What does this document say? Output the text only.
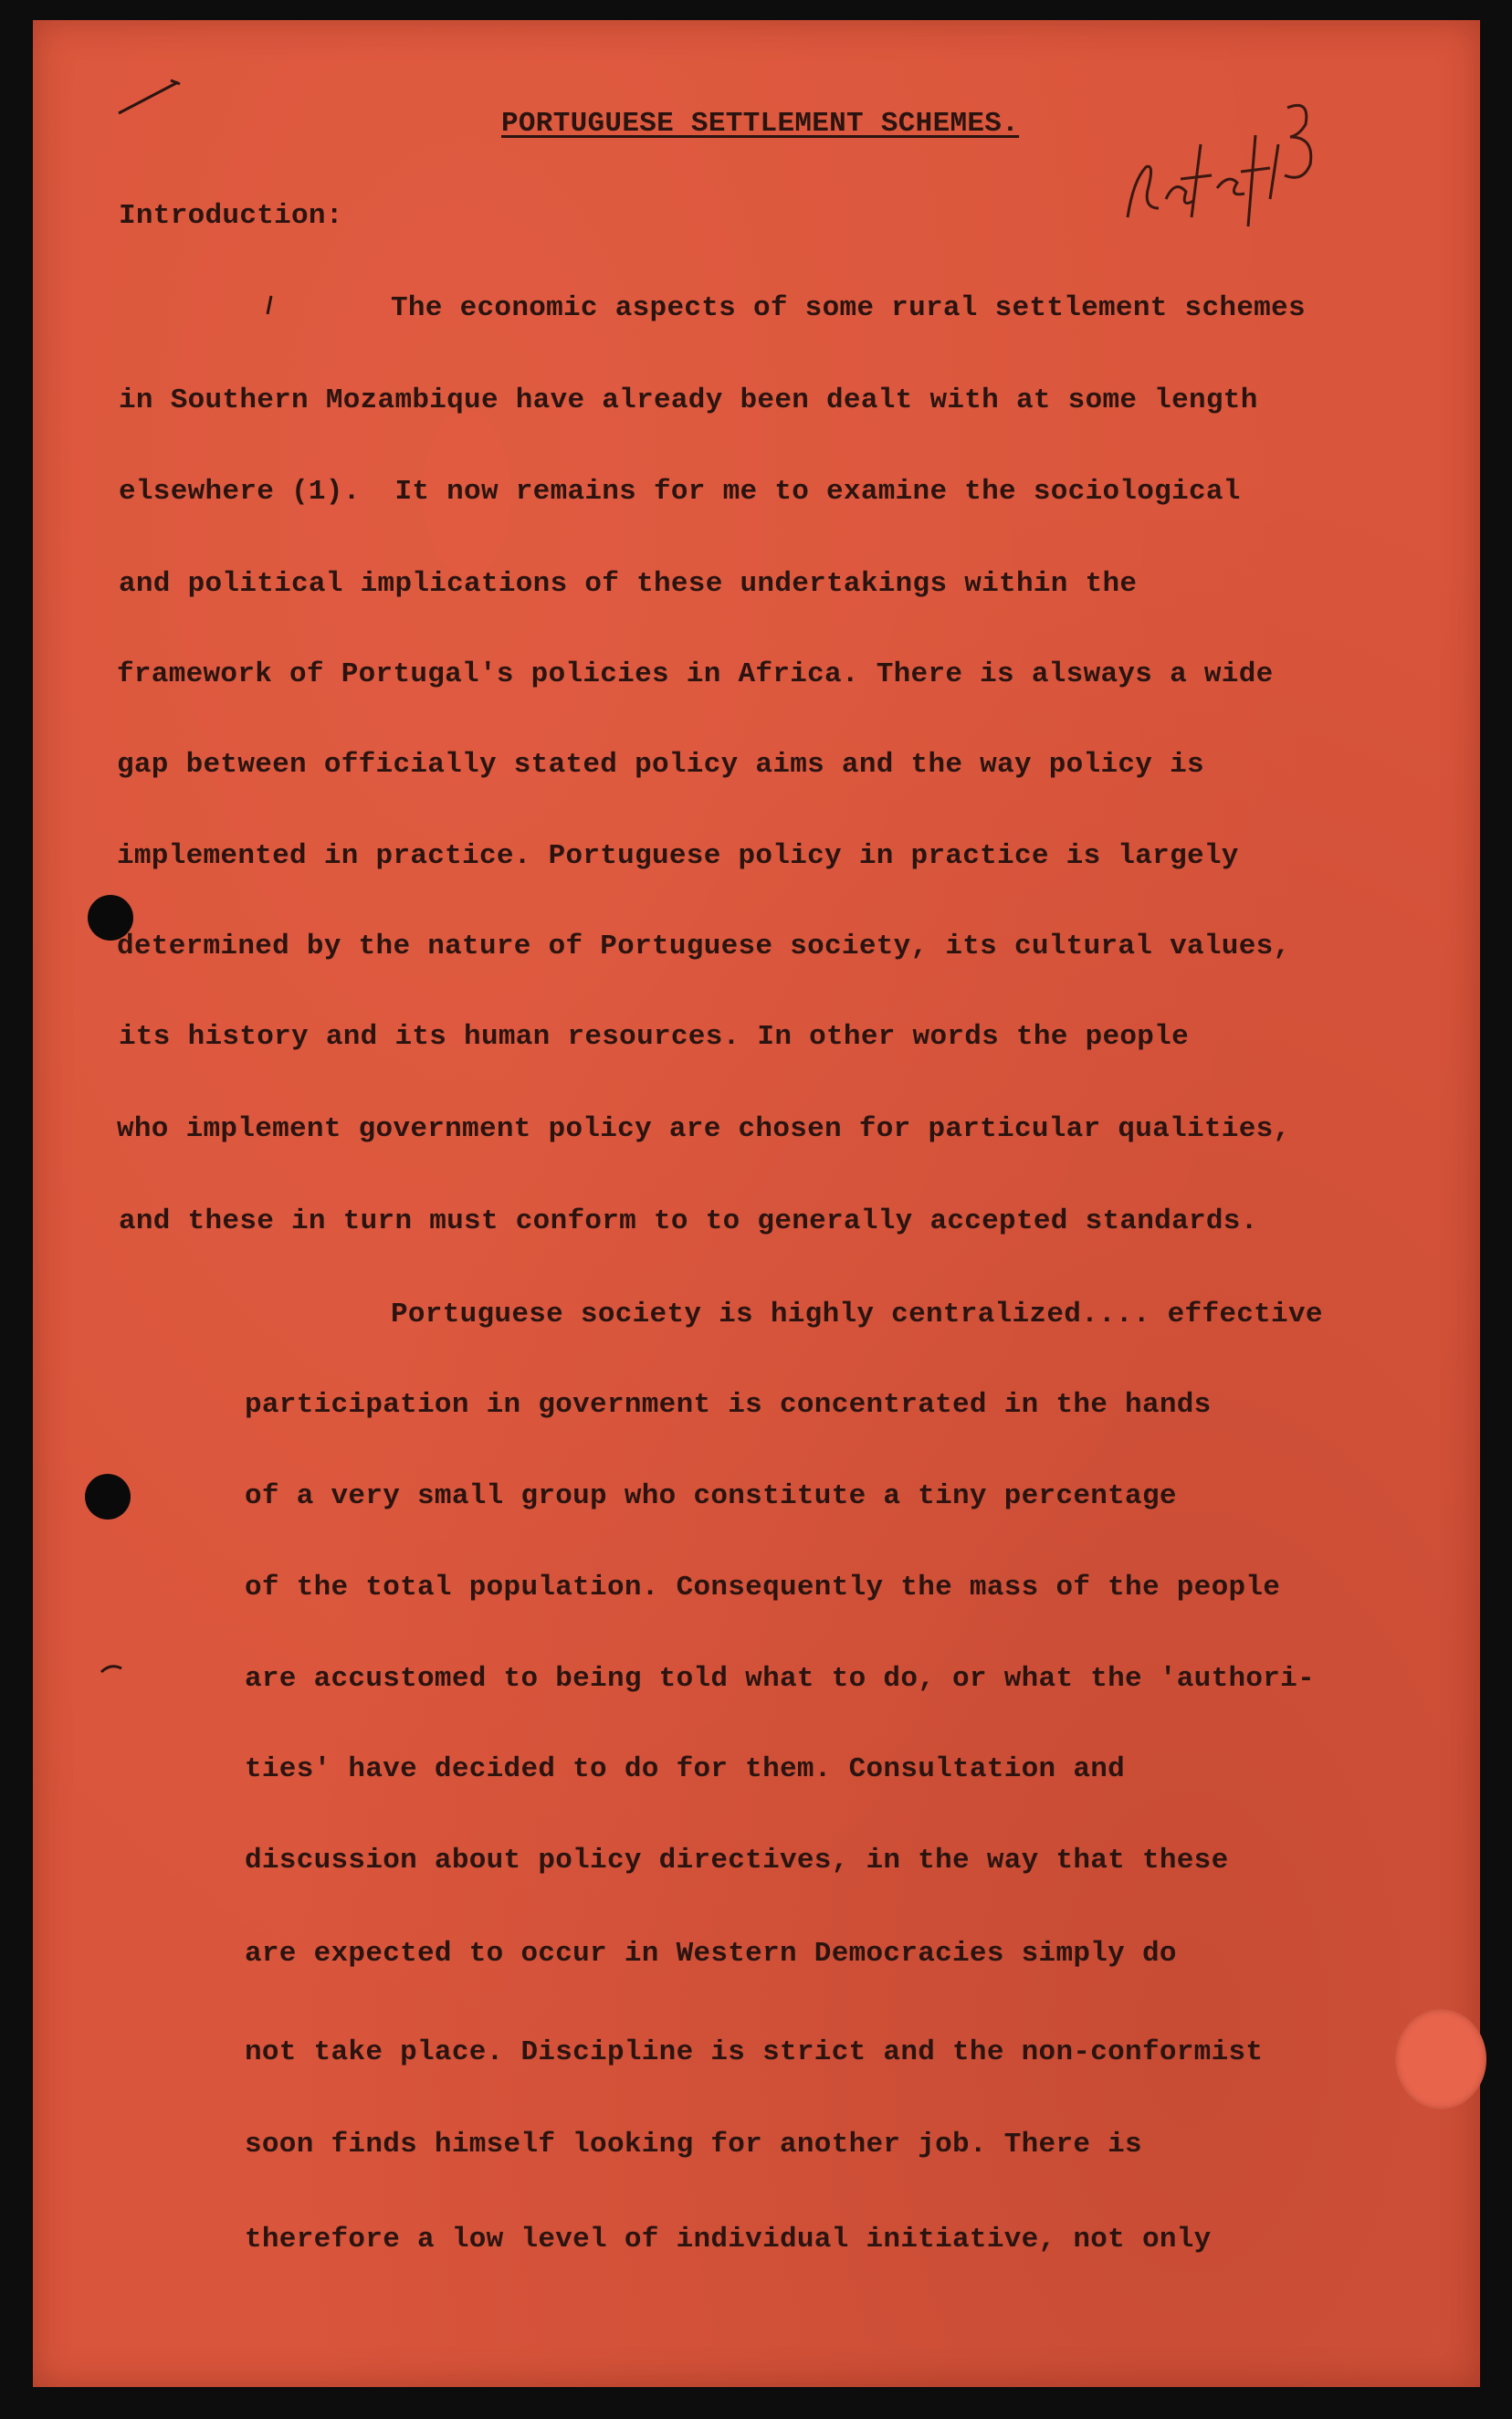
PORTUGUESE SETTLEMENT SCHEMES.
Introduction:
The economic aspects of some rural settlement schemes
in Southern Mozambique have already been dealt with at some length
elsewhere (1).  It now remains for me to examine the sociological
and political implications of these undertakings within the
framework of Portugal's policies in Africa. There is alsways a wide
gap between officially stated policy aims and the way policy is
implemented in practice. Portuguese policy in practice is largely
determined by the nature of Portuguese society, its cultural values,
its history and its human resources. In other words the people
who implement government policy are chosen for particular qualities,
and these in turn must conform to to generally accepted standards.
Portuguese society is highly centralized.... effective
participation in government is concentrated in the hands
of a very small group who constitute a tiny percentage
of the total population. Consequently the mass of the people
are accustomed to being told what to do, or what the 'authori-
ties' have decided to do for them. Consultation and
discussion about policy directives, in the way that these
are expected to occur in Western Democracies simply do
not take place. Discipline is strict and the non-conformist
soon finds himself looking for another job. There is
therefore a low level of individual initiative, not only
